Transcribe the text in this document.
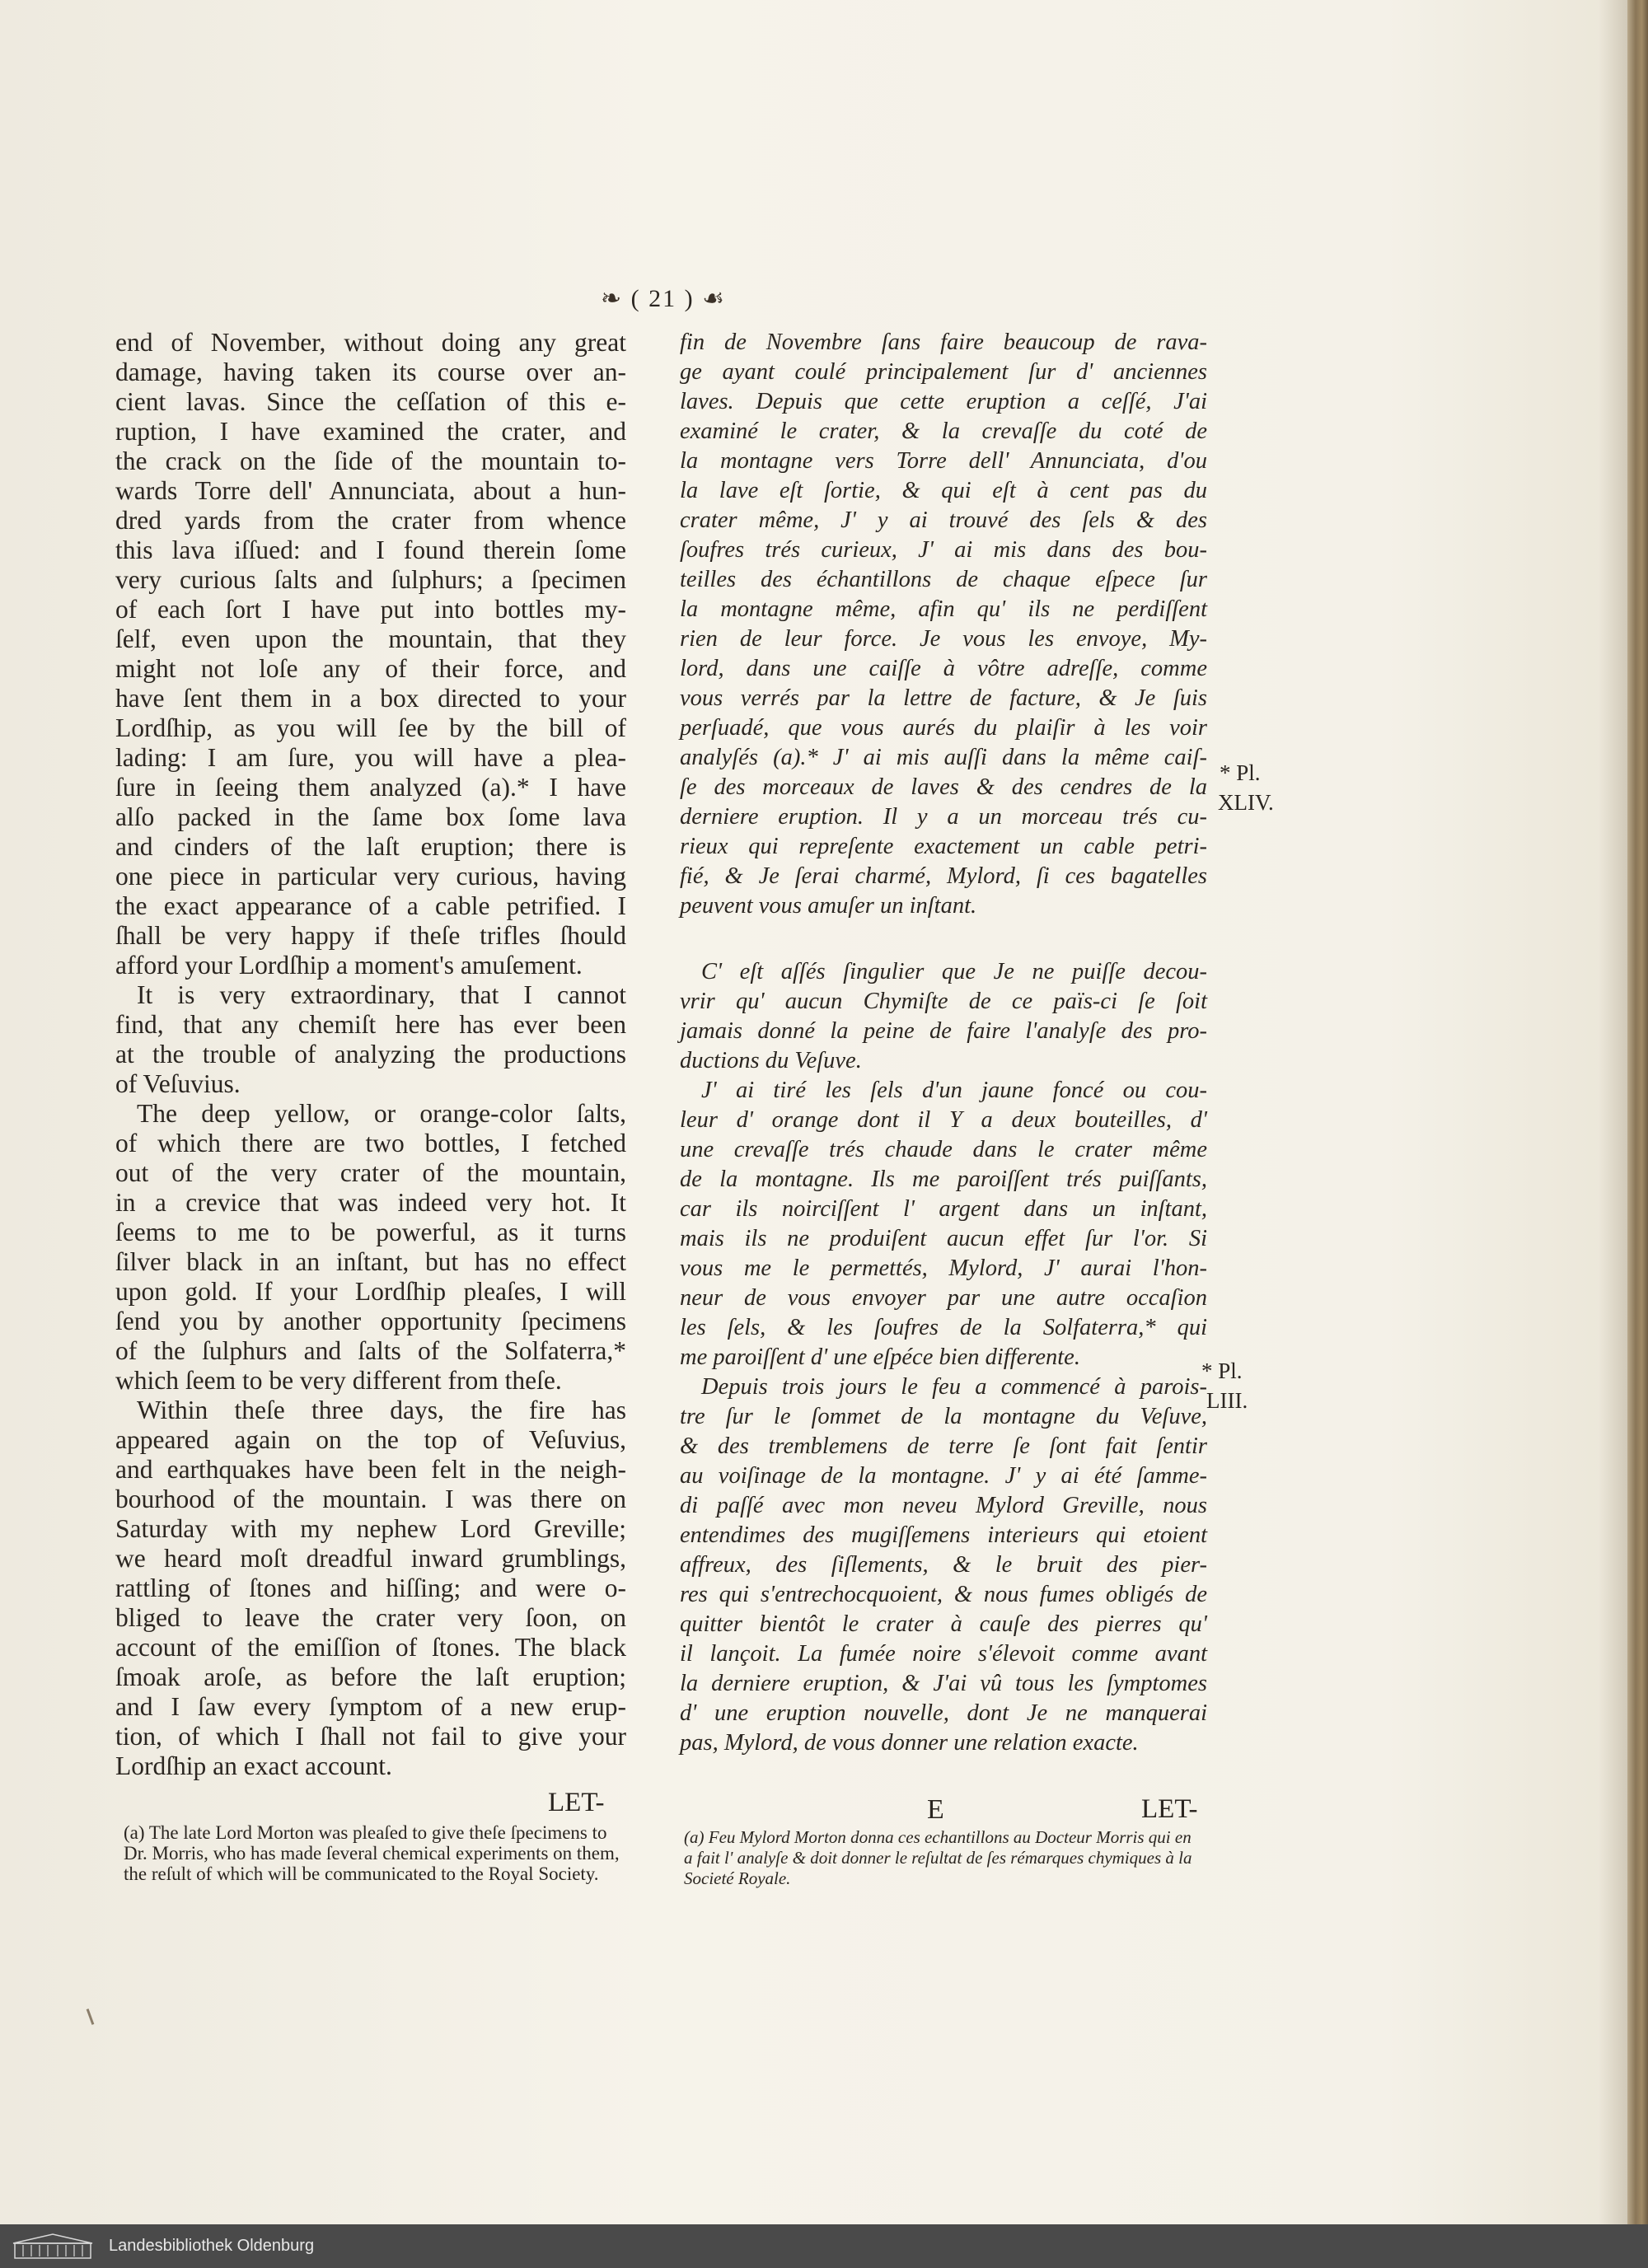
❧ ( 21 ) ☙
end of November, without doing any great
damage, having taken its course over an-
cient lavas. Since the ceſſation of this e-
ruption, I have examined the crater, and
the crack on the ſide of the mountain to-
wards Torre dell' Annunciata, about a hun-
dred yards from the crater from whence
this lava iſſued: and I found therein ſome
very curious ſalts and ſulphurs; a ſpecimen
of each ſort I have put into bottles my-
ſelf, even upon the mountain, that they
might not loſe any of their force, and
have ſent them in a box directed to your
Lordſhip, as you will ſee by the bill of
lading: I am ſure, you will have a plea-
ſure in ſeeing them analyzed (a).* I have
alſo packed in the ſame box ſome lava
and cinders of the laſt eruption; there is
one piece in particular very curious, having
the exact appearance of a cable petrified. I
ſhall be very happy if theſe trifles ſhould
afford your Lordſhip a moment's amuſement.
It is very extraordinary, that I cannot
find, that any chemiſt here has ever been
at the trouble of analyzing the productions
of Veſuvius.
The deep yellow, or orange-color ſalts,
of which there are two bottles, I fetched
out of the very crater of the mountain,
in a crevice that was indeed very hot. It
ſeems to me to be powerful, as it turns
ſilver black in an inſtant, but has no effect
upon gold. If your Lordſhip pleaſes, I will
ſend you by another opportunity ſpecimens
of the ſulphurs and ſalts of the Solfaterra,*
which ſeem to be very different from theſe.
Within theſe three days, the fire has
appeared again on the top of Veſuvius,
and earthquakes have been felt in the neigh-
bourhood of the mountain. I was there on
Saturday with my nephew Lord Greville;
we heard moſt dreadful inward grumblings,
rattling of ſtones and hiſſing; and were o-
bliged to leave the crater very ſoon, on
account of the emiſſion of ſtones. The black
ſmoak aroſe, as before the laſt eruption;
and I ſaw every ſymptom of a new erup-
tion, of which I ſhall not fail to give your
Lordſhip an exact account.
fin de Novembre ſans faire beaucoup de rava-
ge ayant coulé principalement ſur d' anciennes
laves. Depuis que cette eruption a ceſſé, J'ai
examiné le crater, & la crevaſſe du coté de
la montagne vers Torre dell' Annunciata, d'ou
la lave eſt ſortie, & qui eſt à cent pas du
crater même, J' y ai trouvé des ſels & des
ſoufres trés curieux, J' ai mis dans des bou-
teilles des échantillons de chaque eſpece ſur
la montagne même, afin qu' ils ne perdiſſent
rien de leur force. Je vous les envoye, My-
lord, dans une caiſſe à vôtre adreſſe, comme
vous verrés par la lettre de facture, & Je ſuis
perſuadé, que vous aurés du plaiſir à les voir
analyſés (a).* J' ai mis auſſi dans la même caiſ-
ſe des morceaux de laves & des cendres de la
derniere eruption. Il y a un morceau trés cu-
rieux qui repreſente exactement un cable petri-
fié, & Je ſerai charmé, Mylord, ſi ces bagatelles
peuvent vous amuſer un inſtant.
C' eſt aſſés ſingulier que Je ne puiſſe decou-
vrir qu' aucun Chymiſte de ce païs-ci ſe ſoit
jamais donné la peine de faire l'analyſe des pro-
ductions du Veſuve.
J' ai tiré les ſels d'un jaune foncé ou cou-
leur d' orange dont il Y a deux bouteilles, d'
une crevaſſe trés chaude dans le crater même
de la montagne. Ils me paroiſſent trés puiſſants,
car ils noirciſſent l' argent dans un inſtant,
mais ils ne produiſent aucun effet ſur l'or. Si
vous me le permettés, Mylord, J' aurai l'hon-
neur de vous envoyer par une autre occaſion
les ſels, & les ſoufres de la Solfaterra,* qui
me paroiſſent d' une eſpéce bien differente.
Depuis trois jours le feu a commencé à parois-
tre ſur le ſommet de la montagne du Veſuve,
& des tremblemens de terre ſe ſont fait ſentir
au voiſinage de la montagne. J' y ai été ſamme-
di paſſé avec mon neveu Mylord Greville, nous
entendimes des mugiſſemens interieurs qui etoient
affreux, des ſiſlements, & le bruit des pier-
res qui s'entrechocquoient, & nous fumes obligés de
quitter bientôt le crater à cauſe des pierres qu'
il lançoit. La fumée noire s'élevoit comme avant
la derniere eruption, & J'ai vû tous les ſymptomes
d' une eruption nouvelle, dont Je ne manquerai
pas, Mylord, de vous donner une relation exacte.
LET-
(a) The late Lord Morton was pleaſed to give theſe ſpecimens to Dr. Morris, who has made ſeveral chemical experiments on them, the reſult of which will be communicated to the Royal Society.
E	LET-
(a) Feu Mylord Morton donna ces echantillons au Docteur Morris qui en a fait l' analyſe & doit donner le reſultat de ſes rémarques chymiques à la Societé Royale.
* Pl.
XLIV.
* Pl.
LIII.
Landesbibliothek Oldenburg
